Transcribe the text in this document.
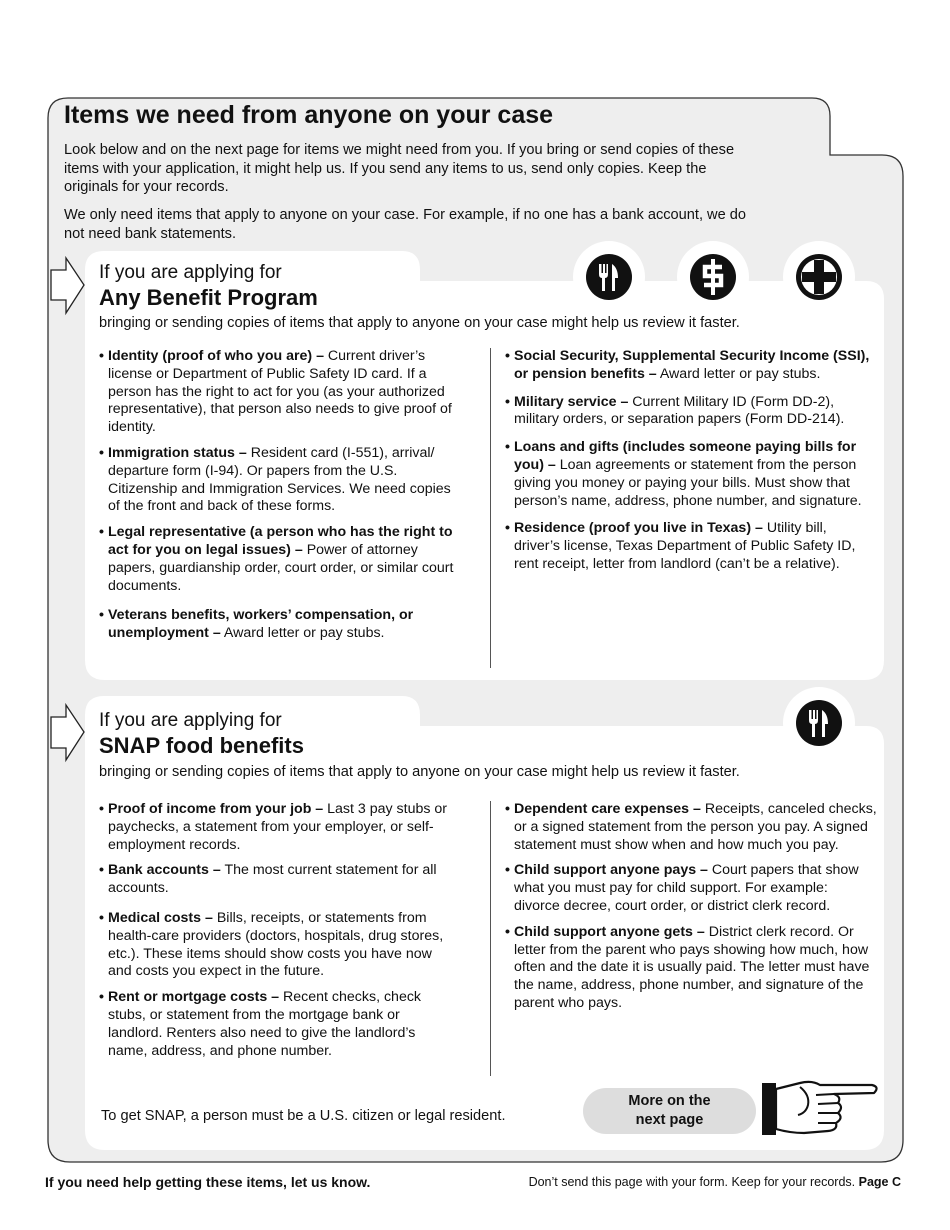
Items we need from anyone on your case

Look below and on the next page for items we might need from you. If you bring or send copies of these items with your application, it might help us. If you send any items to us, send only copies. Keep the originals for your records.

We only need items that apply to anyone on your case. For example, if no one has a bank account, we do not need bank statements.

If you are applying for

Any Benefit Program

bringing or sending copies of items that apply to anyone on your case might help us review it faster.

• Identity (proof of who you are) – Current driver’s license or Department of Public Safety ID card. If a person has the right to act for you (as your authorized representative), that person also needs to give proof of identity.
• Immigration status – Resident card (I-551), arrival/ departure form (I-94). Or papers from the U.S. Citizenship and Immigration Services. We need copies of the front and back of these forms.
• Legal representative (a person who has the right to act for you on legal issues) – Power of attorney papers, guardianship order, court order, or similar court documents.
• Veterans benefits, workers’ compensation, or unemployment – Award letter or pay stubs.
• Social Security, Supplemental Security Income (SSI), or pension benefits – Award letter or pay stubs.
• Military service – Current Military ID (Form DD-2), military orders, or separation papers (Form DD-214).
• Loans and gifts (includes someone paying bills for you) – Loan agreements or statement from the person giving you money or paying your bills. Must show that person’s name, address, phone number, and signature.
• Residence (proof you live in Texas) – Utility bill, driver’s license, Texas Department of Public Safety ID, rent receipt, letter from landlord (can’t be a relative).

If you are applying for

SNAP food benefits

bringing or sending copies of items that apply to anyone on your case might help us review it faster.

• Proof of income from your job – Last 3 pay stubs or paychecks, a statement from your employer, or self-employment records.
• Bank accounts – The most current statement for all accounts.
• Medical costs – Bills, receipts, or statements from health-care providers (doctors, hospitals, drug stores, etc.). These items should show costs you have now and costs you expect in the future.
• Rent or mortgage costs – Recent checks, check stubs, or statement from the mortgage bank or landlord. Renters also need to give the landlord’s name, address, and phone number.
• Dependent care expenses – Receipts, canceled checks, or a signed statement from the person you pay. A signed statement must show when and how much you pay.
• Child support anyone pays – Court papers that show what you must pay for child support. For example: divorce decree, court order, or district clerk record.
• Child support anyone gets – District clerk record. Or letter from the parent who pays showing how much, how often and the date it is usually paid. The letter must have the name, address, phone number, and signature of the parent who pays.

To get SNAP, a person must be a U.S. citizen or legal resident.

More on the next page

If you need help getting these items, let us know.	Don’t send this page with your form. Keep for your records. Page C
